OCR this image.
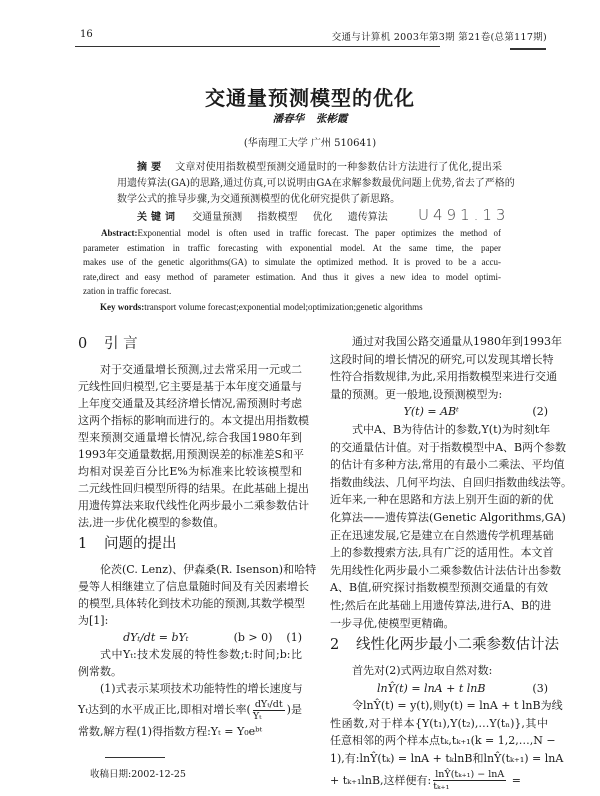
16	交通与计算机 2003年第3期 第21卷(总第117期)
交通量预测模型的优化
潘春华 张彬霞
(华南理工大学 广州 510641)
摘要 文章对使用指数模型预测交通量时的一种参数估计方法进行了优化,提出采
用遗传算法(GA)的思路,通过仿真,可以说明由GA在求解参数最优问题上优势,省去了严格的
数学公式的推导步骤,为交通预测模型的优化研究提供了新思路。
关键词 交通量预测 指数模型 优化 遗传算法	U491.13
Abstract:Exponential model is often used in traffic forecast. The paper optimizes the method of
parameter estimation in traffic forecasting with exponential model. At the same time, the paper
makes use of the genetic algorithms(GA) to simulate the optimized method. It is proved to be a accu-
rate,direct and easy method of parameter estimation. And thus it gives a new idea to model optimi-
zation in traffic forecast.
Key words:transport volume forecast;exponential model;optimization;genetic algorithms
0 引 言
对于交通量增长预测,过去常采用一元或二
元线性回归模型,它主要是基于本年度交通量与
上年度交通量及其经济增长情况,需预测时考虑
这两个指标的影响而进行的。本文提出用指数模
型来预测交通量增长情况,综合我国1980年到
1993年交通量数据,用预测误差的标准差S和平
均相对误差百分比E%为标准来比较该模型和
二元线性回归模型所得的结果。在此基础上提出
用遗传算法来取代线性化两步最小二乘参数估计
法,进一步优化模型的参数值。
1 问题的提出
伦茨(C. Lenz)、伊森桑(R. Isenson)和哈特
曼等人相继建立了信息量随时间及有关因素增长
的模型,具体转化到技术功能的预测,其数学模型
为[1]:
dYₜ/dt = bYₜ	(b > 0) (1)
式中Yₜ:技术发展的特性参数;t:时间;b:比
例常数。
(1)式表示某项技术功能特性的增长速度与
Yₜ达到的水平成正比,即相对增长率( $\frac{\text{dYₜ/dt}}{\text{Yₜ}}$ )是
常数,解方程(1)得指数方程:Yₜ = Y₀eᵇᵗ
通过对我国公路交通量从1980年到1993年
这段时间的增长情况的研究,可以发现其增长特
性符合指数规律,为此,采用指数模型来进行交通
量的预测。更一般地,设预测模型为:
Y(t) = ABᵗ	(2)
式中A、B为待估计的参数,Y(t)为时刻t年
的交通量估计值。对于指数模型中A、B两个参数
的估计有多种方法,常用的有最小二乘法、平均值
指数曲线法、几何平均法、自回归指数曲线法等。
近年来,一种在思路和方法上别开生面的新的优
化算法——遗传算法(Genetic Algorithms,GA)
正在迅速发展,它是建立在自然遗传学机理基础
上的参数搜索方法,具有广泛的适用性。本文首
先用线性化两步最小二乘参数估计法估计出参数
A、B值,研究探讨指数模型预测交通量的有效
性;然后在此基础上用遗传算法,进行A、B的进
一步寻优,使模型更精确。
2 线性化两步最小二乘参数估计法
首先对(2)式两边取自然对数:
lnŶ(t) = lnA + t lnB	(3)
令lnŶ(t) = y(t),则y(t) = lnA + t lnB为线
性函数,对于样本{Y(t₁),Y(t₂),…Y(tₙ)},其中
任意相邻的两个样本点tₖ,tₖ₊₁(k = 1,2,…,N −
1),有:lnŶ(tₖ) = lnA + tₖlnB和lnŶ(tₖ₊₁) = lnA
+ tₖ₊₁lnB,这样便有: $\frac{\text{lnŶ(tₖ₊₁) − lnA}}{\text{tₖ₊₁}}$ =
收稿日期:2002-12-25
